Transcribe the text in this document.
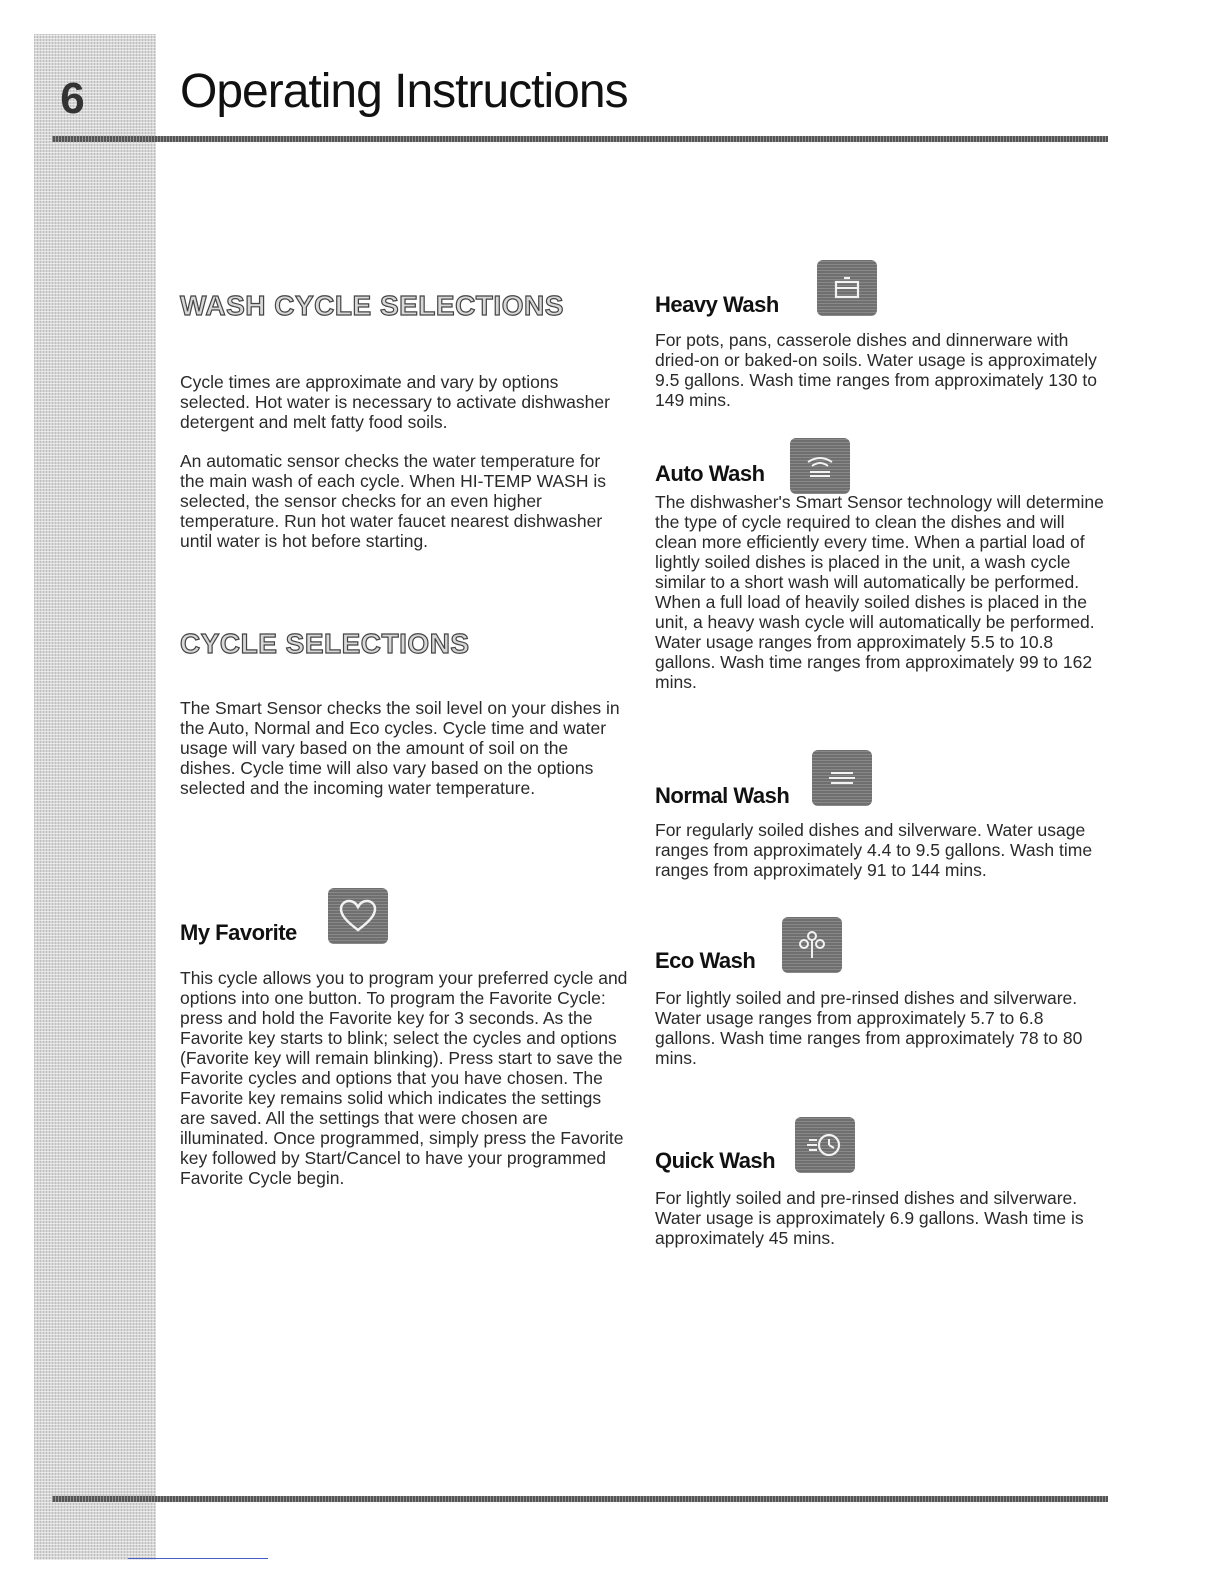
6 Operating Instructions
WASH CYCLE SELECTIONS

Cycle times are approximate and vary by options selected. Hot water is necessary to activate dishwasher detergent and melt fatty food soils.

An automatic sensor checks the water temperature for the main wash of each cycle. When HI-TEMP WASH is selected, the sensor checks for an even higher temperature. Run hot water faucet nearest dishwasher until water is hot before starting.

CYCLE SELECTIONS

The Smart Sensor checks the soil level on your dishes in the Auto, Normal and Eco cycles. Cycle time and water usage will vary based on the amount of soil on the dishes. Cycle time will also vary based on the options selected and the incoming water temperature.

My Favorite

This cycle allows you to program your preferred cycle and options into one button. To program the Favorite Cycle: press and hold the Favorite key for 3 seconds. As the Favorite key starts to blink; select the cycles and options (Favorite key will remain blinking). Press start to save the Favorite cycles and options that you have chosen. The Favorite key remains solid which indicates the settings are saved. All the settings that were chosen are illuminated. Once programmed, simply press the Favorite key followed by Start/Cancel to have your programmed Favorite Cycle begin.

Heavy Wash

For pots, pans, casserole dishes and dinnerware with dried-on or baked-on soils. Water usage is approximately 9.5 gallons. Wash time ranges from approximately 130 to 149 mins.

Auto Wash

The dishwasher's Smart Sensor technology will determine the type of cycle required to clean the dishes and will clean more efficiently every time. When a partial load of lightly soiled dishes is placed in the unit, a wash cycle similar to a short wash will automatically be performed. When a full load of heavily soiled dishes is placed in the unit, a heavy wash cycle will automatically be performed. Water usage ranges from approximately 5.5 to 10.8 gallons. Wash time ranges from approximately 99 to 162 mins.

Normal Wash

For regularly soiled dishes and silverware. Water usage ranges from approximately 4.4 to 9.5 gallons. Wash time ranges from approximately 91 to 144 mins.

Eco Wash

For lightly soiled and pre-rinsed dishes and silverware. Water usage ranges from approximately 5.7 to 6.8 gallons. Wash time ranges from approximately 78 to 80 mins.

Quick Wash

For lightly soiled and pre-rinsed dishes and silverware. Water usage is approximately 6.9 gallons. Wash time is approximately 45 mins.
